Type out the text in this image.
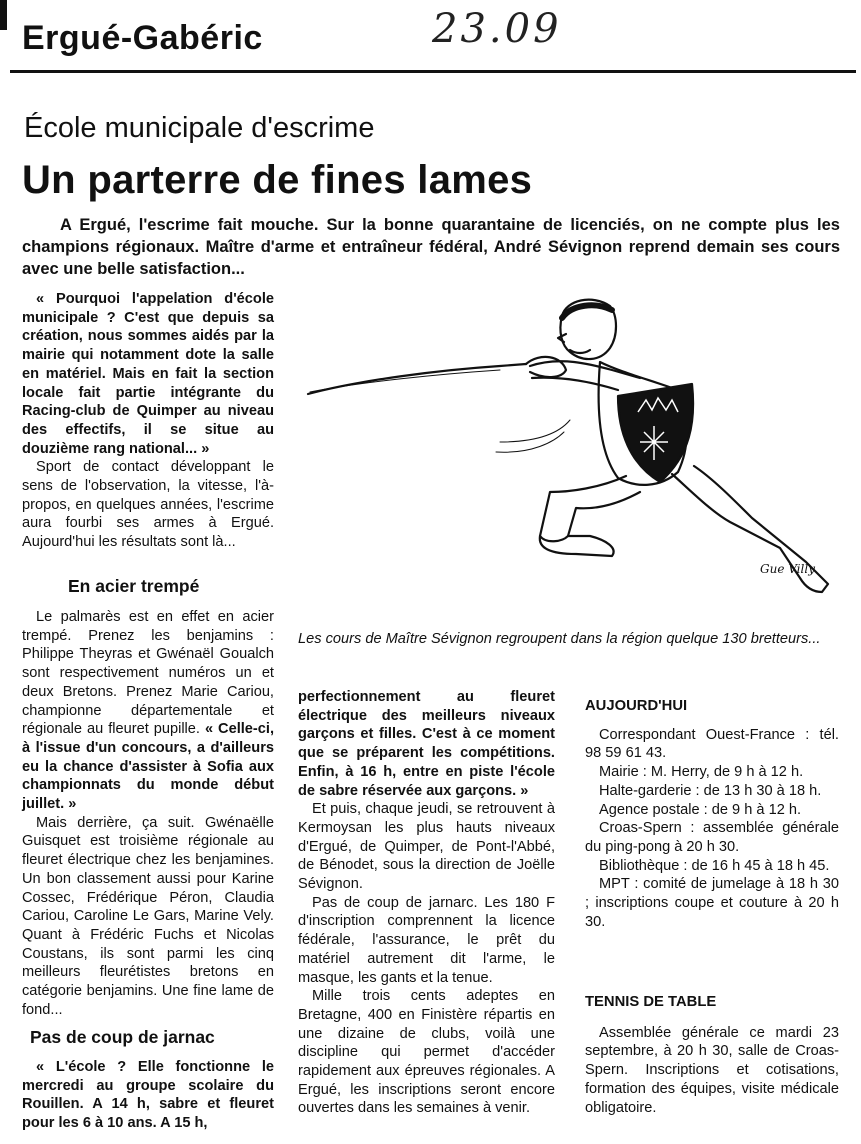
Ergué-Gabéric	23.09
École municipale d'escrime
Un parterre de fines lames
A Ergué, l'escrime fait mouche. Sur la bonne quarantaine de licenciés, on ne compte plus les champions régionaux. Maître d'arme et entraîneur fédéral, André Sévignon reprend demain ses cours avec une belle satisfaction...

« Pourquoi l'appelation d'école municipale ? C'est que depuis sa création, nous sommes aidés par la mairie qui notamment dote la salle en matériel. Mais en fait la section locale fait partie intégrante du Racing-club de Quimper au niveau des effectifs, il se situe au douzième rang national... »

Sport de contact développant le sens de l'observation, la vitesse, l'à-propos, en quelques années, l'escrime aura fourbi ses armes à Ergué. Aujourd'hui les résultats sont là...

En acier trempé

Le palmarès est en effet en acier trempé. Prenez les benjamins : Philippe Theyras et Gwénaël Goualch sont respectivement numéros un et deux Bretons. Prenez Marie Cariou, championne départementale et régionale au fleuret pupille. « Celle-ci, à l'issue d'un concours, a d'ailleurs eu la chance d'assister à Sofia aux championnats du monde début juillet. »

Mais derrière, ça suit. Gwénaëlle Guisquet est troisième régionale au fleuret électrique chez les benjamines. Un bon classement aussi pour Karine Cossec, Frédérique Péron, Claudia Cariou, Caroline Le Gars, Marine Vely. Quant à Frédéric Fuchs et Nicolas Coustans, ils sont parmi les cinq meilleurs fleurétistes bretons en catégorie benjamins. Une fine lame de fond...

Pas de coup de jarnac

« L'école ? Elle fonctionne le mercredi au groupe scolaire du Rouillen. A 14 h, sabre et fleuret pour les 6 à 10 ans. A 15 h,

Gue Villy
Les cours de Maître Sévignon regroupent dans la région quelque 130 bretteurs...

perfectionnement au fleuret électrique des meilleurs niveaux garçons et filles. C'est à ce moment que se préparent les compétitions. Enfin, à 16 h, entre en piste l'école de sabre réservée aux garçons. »

Et puis, chaque jeudi, se retrouvent à Kermoysan les plus hauts niveaux d'Ergué, de Quimper, de Pont-l'Abbé, de Bénodet, sous la direction de Joëlle Sévignon.

Pas de coup de jarnarc. Les 180 F d'inscription comprennent la licence fédérale, l'assurance, le prêt du matériel autrement dit l'arme, le masque, les gants et la tenue.

Mille trois cents adeptes en Bretagne, 400 en Finistère répartis en une dizaine de clubs, voilà une discipline qui permet d'accéder rapidement aux épreuves régionales. A Ergué, les inscriptions seront encore ouvertes dans les semaines à venir.

AUJOURD'HUI

Correspondant Ouest-France : tél. 98 59 61 43.

Mairie : M. Herry, de 9 h à 12 h.

Halte-garderie : de 13 h 30 à 18 h.

Agence postale : de 9 h à 12 h.

Croas-Spern : assemblée générale du ping-pong à 20 h 30.

Bibliothèque : de 16 h 45 à 18 h 45.

MPT : comité de jumelage à 18 h 30 ; inscriptions coupe et couture à 20 h 30.

TENNIS DE TABLE

Assemblée générale ce mardi 23 septembre, à 20 h 30, salle de Croas-Spern. Inscriptions et cotisations, formation des équipes, visite médicale obligatoire.
